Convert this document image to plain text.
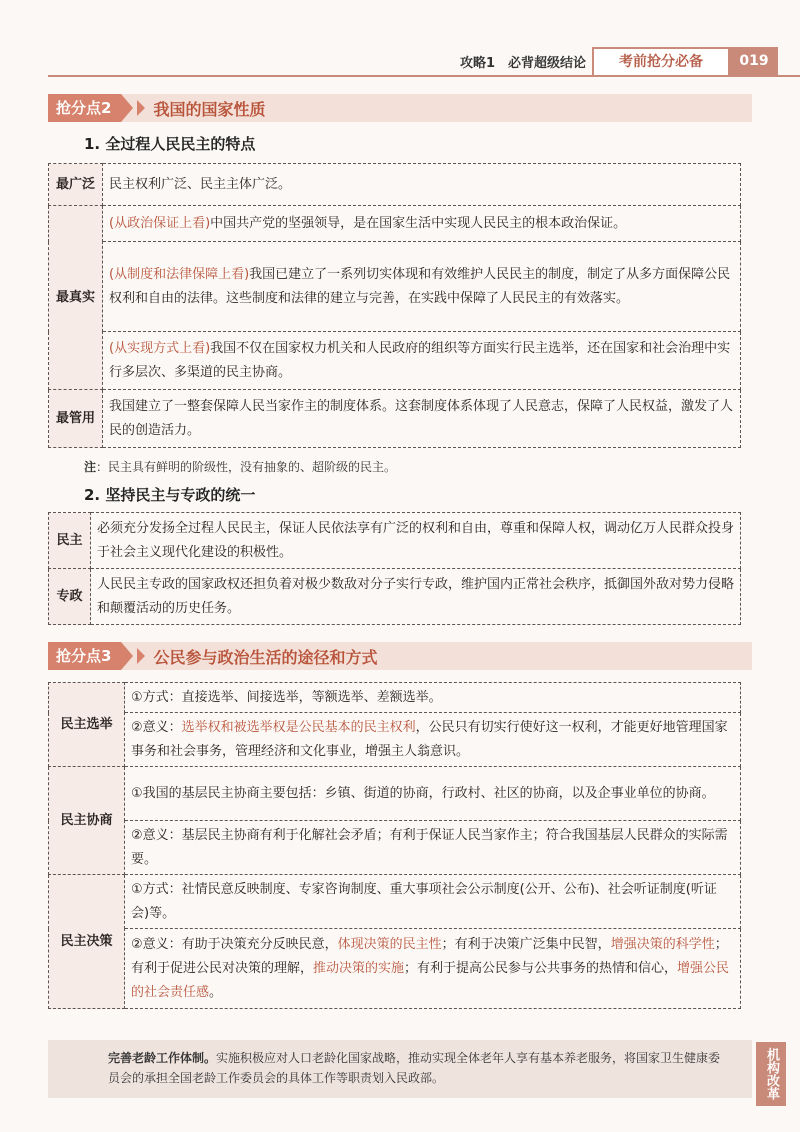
攻略1　必背超级结论	考前抢分必备	019
抢分点2	我国的国家性质
1. 全过程人民民主的特点
最广泛	民主权利广泛、民主主体广泛。
最真实	(从政治保证上看)中国共产党的坚强领导，是在国家生活中实现人民民主的根本政治保证。
	(从制度和法律保障上看)我国已建立了一系列切实体现和有效维护人民民主的制度，制定了从多方面保障公民权利和自由的法律。这些制度和法律的建立与完善，在实践中保障了人民民主的有效落实。
	(从实现方式上看)我国不仅在国家权力机关和人民政府的组织等方面实行民主选举，还在国家和社会治理中实行多层次、多渠道的民主协商。
最管用	我国建立了一整套保障人民当家作主的制度体系。这套制度体系体现了人民意志，保障了人民权益，激发了人民的创造活力。
注：民主具有鲜明的阶级性，没有抽象的、超阶级的民主。
2. 坚持民主与专政的统一
民主	必须充分发扬全过程人民民主，保证人民依法享有广泛的权利和自由，尊重和保障人权，调动亿万人民群众投身于社会主义现代化建设的积极性。
专政	人民民主专政的国家政权还担负着对极少数敌对分子实行专政，维护国内正常社会秩序，抵御国外敌对势力侵略和颠覆活动的历史任务。
抢分点3	公民参与政治生活的途径和方式
民主选举	①方式：直接选举、间接选举，等额选举、差额选举。
	②意义：选举权和被选举权是公民基本的民主权利，公民只有切实行使好这一权利，才能更好地管理国家事务和社会事务，管理经济和文化事业，增强主人翁意识。
民主协商	①我国的基层民主协商主要包括：乡镇、街道的协商，行政村、社区的协商，以及企事业单位的协商。
	②意义：基层民主协商有利于化解社会矛盾；有利于保证人民当家作主；符合我国基层人民群众的实际需要。
民主决策	①方式：社情民意反映制度、专家咨询制度、重大事项社会公示制度(公开、公布)、社会听证制度(听证会)等。
	②意义：有助于决策充分反映民意，体现决策的民主性；有利于决策广泛集中民智，增强决策的科学性；有利于促进公民对决策的理解，推动决策的实施；有利于提高公民参与公共事务的热情和信心，增强公民的社会责任感。
完善老龄工作体制。实施积极应对人口老龄化国家战略，推动实现全体老年人享有基本养老服务，将国家卫生健康委员会的承担全国老龄工作委员会的具体工作等职责划入民政部。	机构改革
